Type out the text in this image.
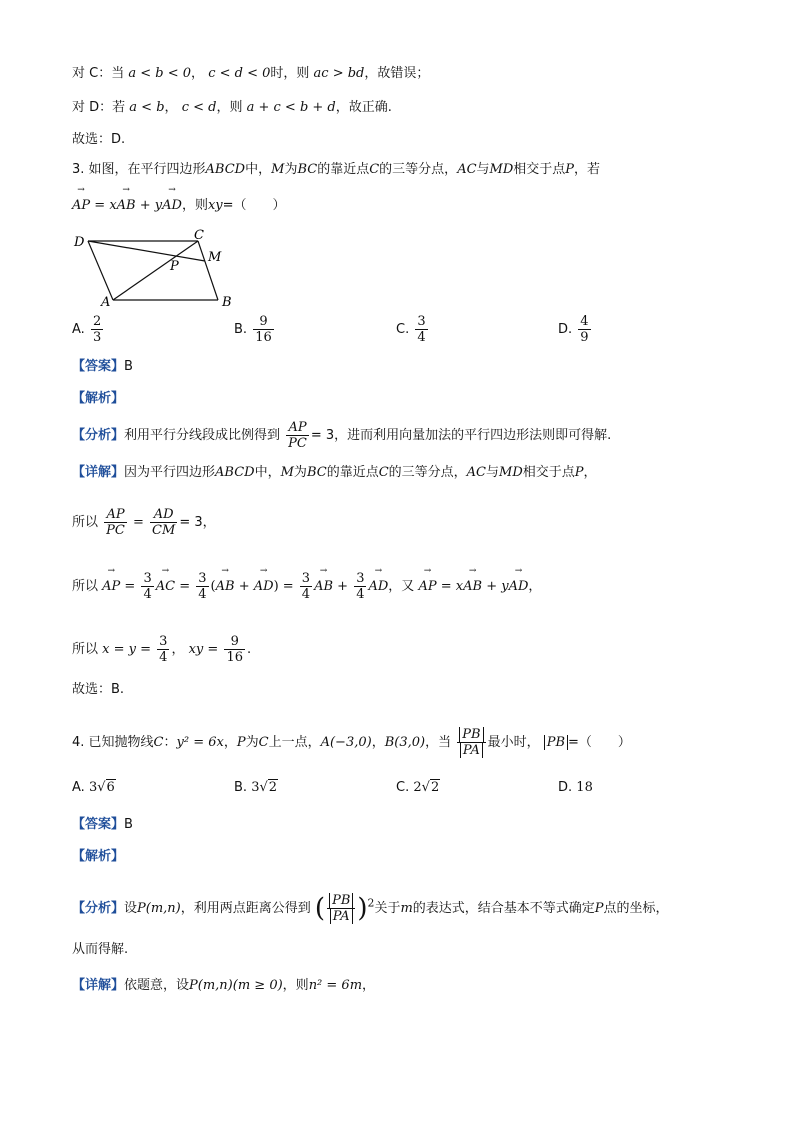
对 C：当 a < b < 0， c < d < 0时，则 ac > bd，故错误；
对 D：若 a < b， c < d，则 a + c < b + d，故正确.
故选：D.
3. 如图，在平行四边形ABCD中，M为BC的靠近点C的三等分点，AC与MD相交于点P，若
→ AP = x→ AB + y→ AD，则xy=（　　）
D	C
M
P
A	B
A. $\frac{2}{3}$	B. $\frac{9}{16}$	C. $\frac{3}{4}$	D. $\frac{4}{9}$
【答案】B
【解析】
【分析】利用平行分线段成比例得到 $\frac{AP}{PC} = 3$，进而利用向量加法的平行四边形法则即可得解.
【详解】因为平行四边形ABCD中，M为BC的靠近点C的三等分点，AC与MD相交于点P，
所以 $\frac{AP}{PC} = \frac{AD}{CM} = 3$，
所以 → AP = $\frac{3}{4}$ → AC = $\frac{3}{4}$ (→ AB + → $AD) = \frac{3}{4}$ → AB + $\frac{3}{4}$ → AD，又 → AP = x→ AB + y→ AD，
所以 $x = y = \frac{3}{4}$ ， xy = $\frac{9}{16}$ .
故选：B.
4. 已知抛物线C：y² = 6x，P为C上一点，A(−3,0)，B(3,0)，当 $\frac{PB}{PA}$ 最小时， PB =（　　）
A. 3√6	B. 3√2	C. 2√2	D. 18
【答案】B
【解析】
【分析】设P(m,n)，利用两点距离公得到 ( $\frac{PB}{PA} )^2$关于m的表达式，结合基本不等式确定P点的坐标，
从而得解.
【详解】依题意，设P(m,n)(m ≥ 0)，则n² = 6m，
